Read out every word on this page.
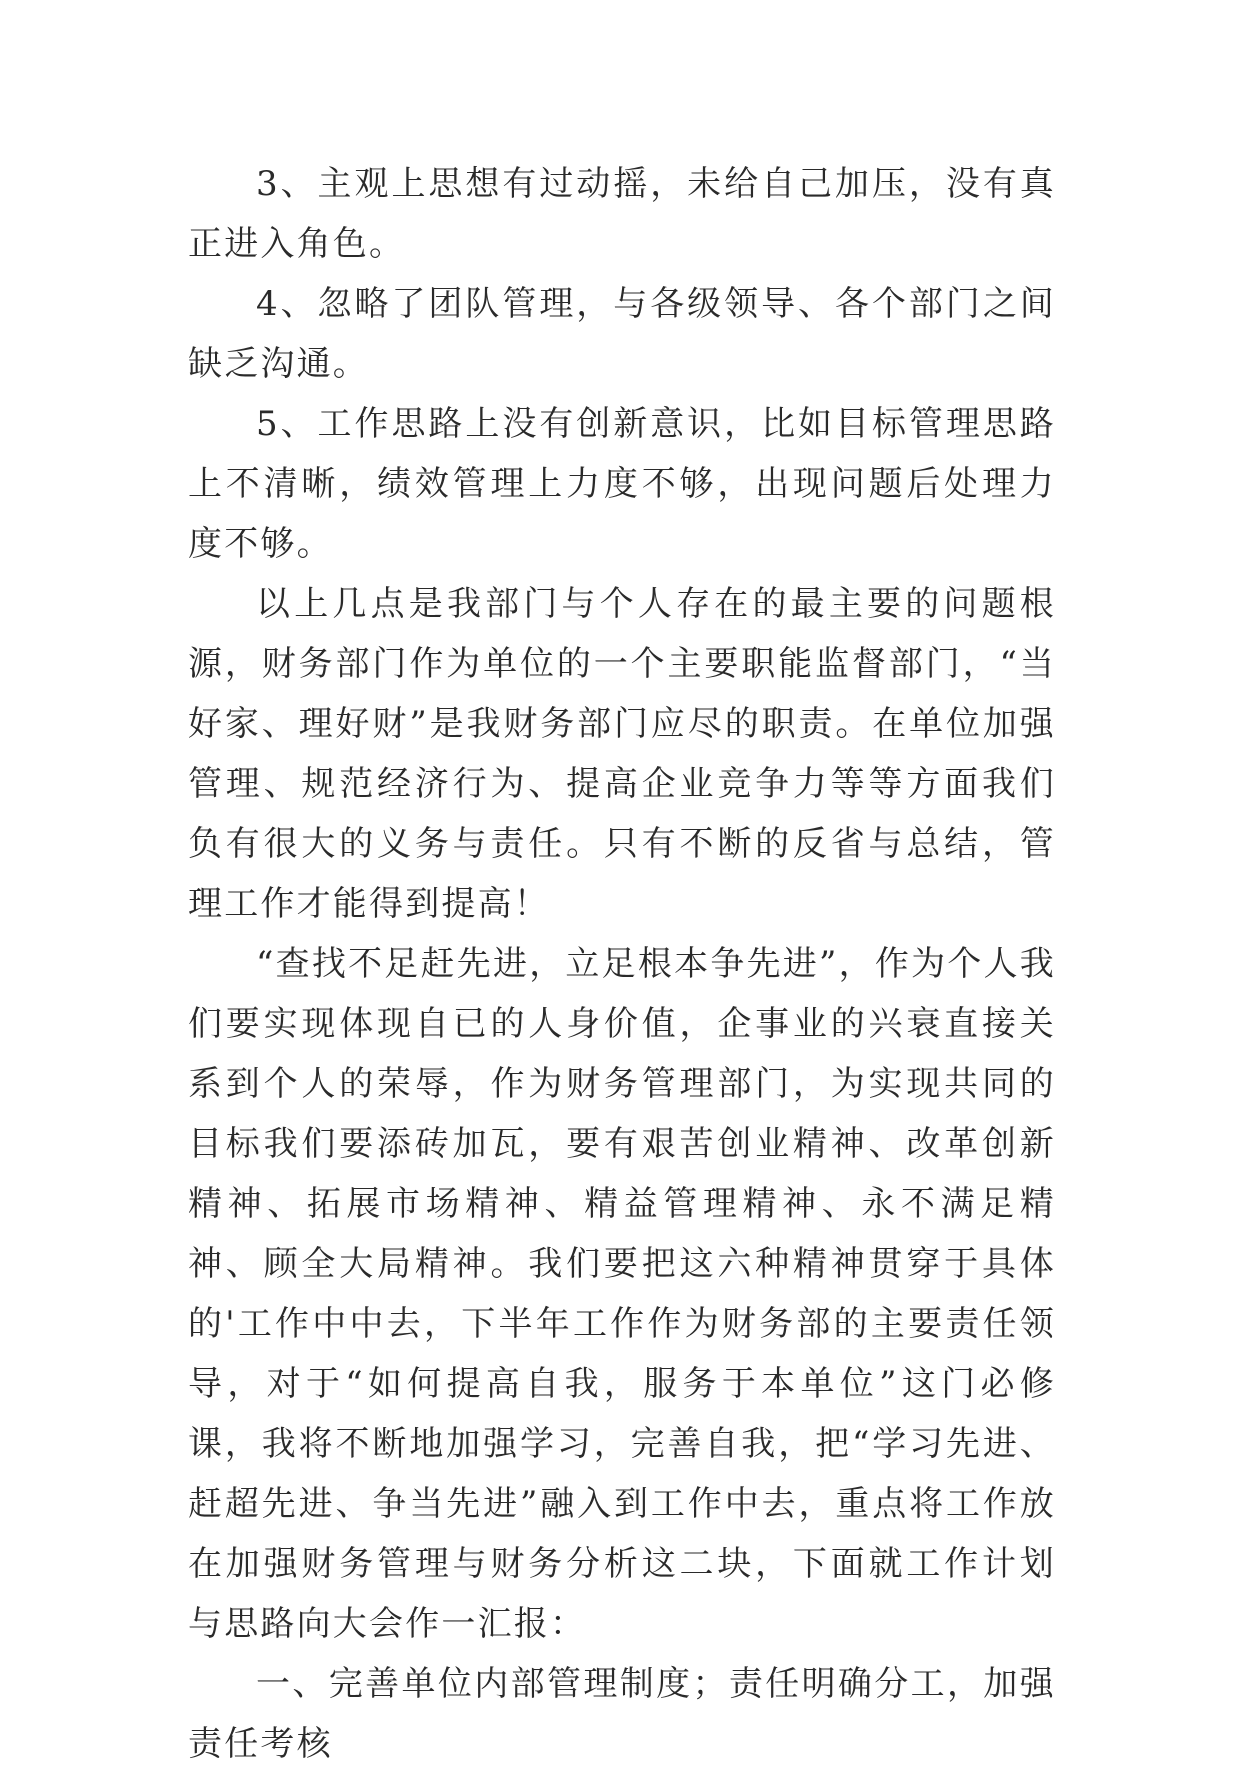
3、主观上思想有过动摇，未给自己加压，没有真正进入角色。

4、忽略了团队管理，与各级领导、各个部门之间缺乏沟通。

5、工作思路上没有创新意识，比如目标管理思路上不清晰，绩效管理上力度不够，出现问题后处理力度不够。

以上几点是我部门与个人存在的最主要的问题根源，财务部门作为单位的一个主要职能监督部门，“当好家、理好财”是我财务部门应尽的职责。在单位加强管理、规范经济行为、提高企业竞争力等等方面我们负有很大的义务与责任。只有不断的反省与总结，管理工作才能得到提高！

“查找不足赶先进，立足根本争先进”，作为个人我们要实现体现自已的人身价值，企事业的兴衰直接关系到个人的荣辱，作为财务管理部门，为实现共同的目标我们要添砖加瓦，要有艰苦创业精神、改革创新精神、拓展市场精神、精益管理精神、永不满足精神、顾全大局精神。我们要把这六种精神贯穿于具体的'工作中中去，下半年工作作为财务部的主要责任领导，对于“如何提高自我，服务于本单位”这门必修课，我将不断地加强学习，完善自我，把“学习先进、赶超先进、争当先进”融入到工作中去，重点将工作放在加强财务管理与财务分析这二块，下面就工作计划与思路向大会作一汇报：

一、完善单位内部管理制度；责任明确分工，加强责任考核
